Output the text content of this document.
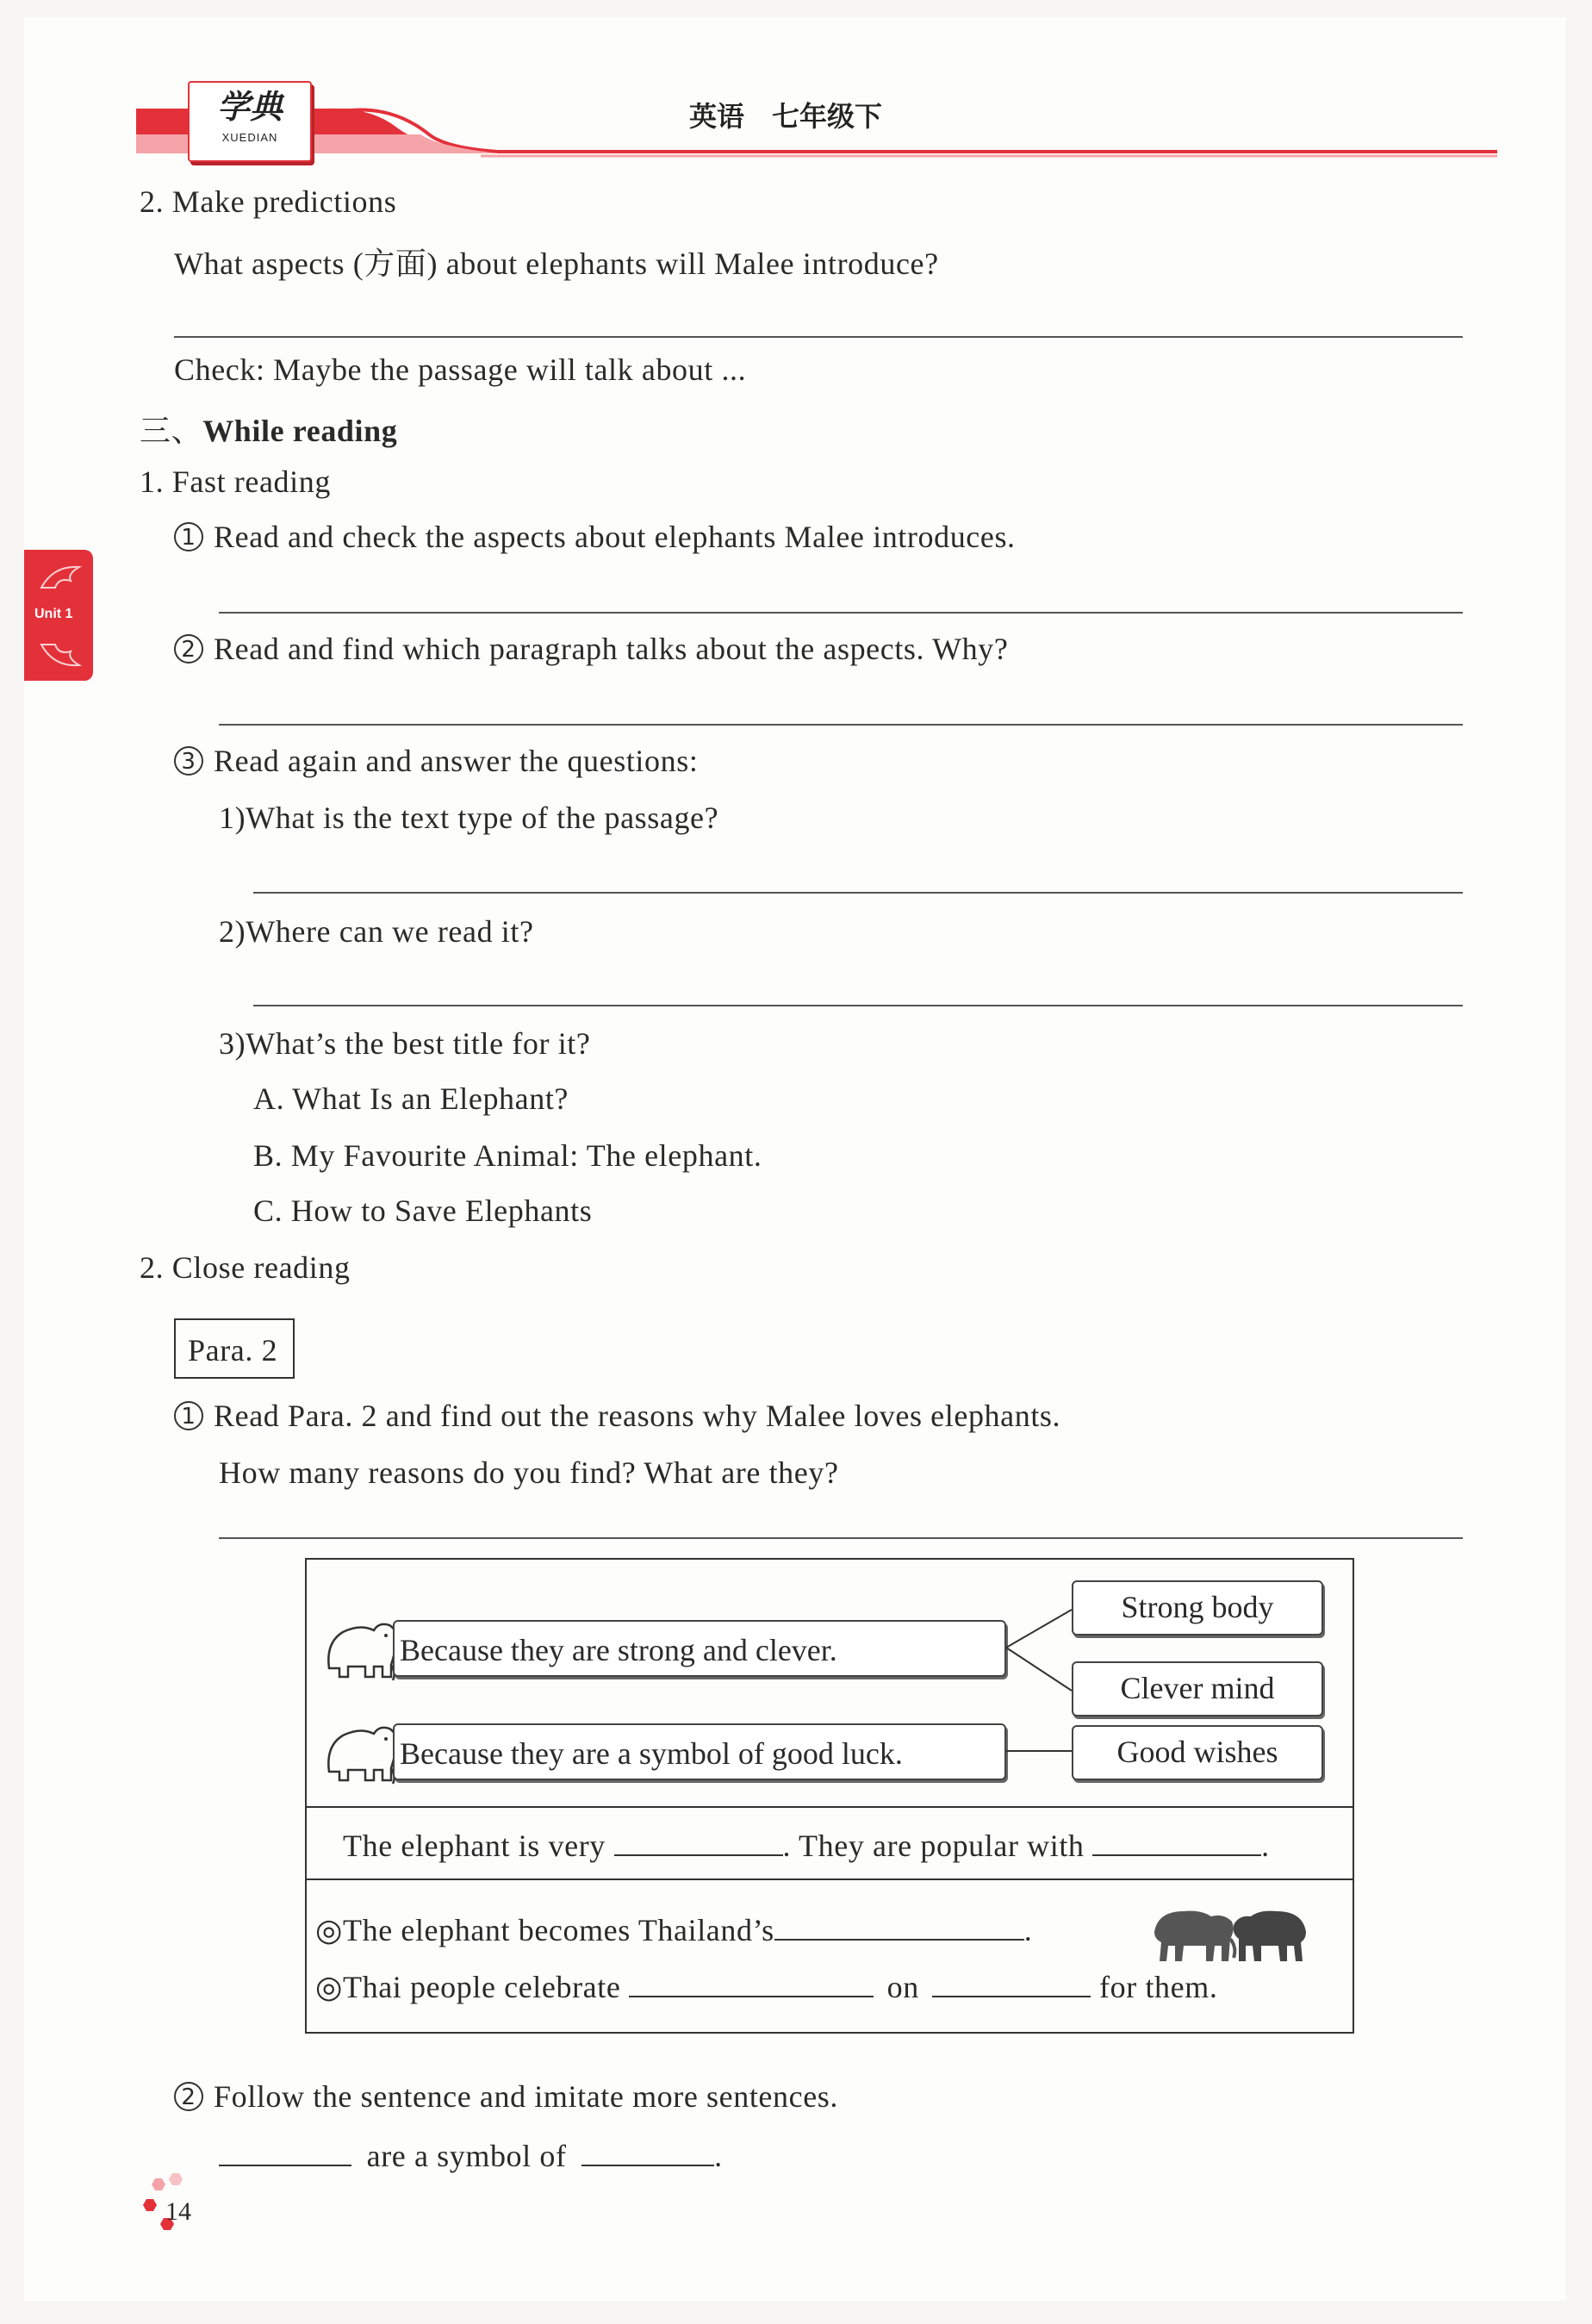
学典
XUEDIAN
英语　七年级下
Unit 1
2. Make predictions
What aspects (方面) about elephants will Malee introduce?
Check: Maybe the passage will talk about ...
三、While reading
1. Fast reading
1 Read and check the aspects about elephants Malee introduces.
2 Read and find which paragraph talks about the aspects. Why?
3 Read again and answer the questions:
1)What is the text type of the passage?
2)Where can we read it?
3)What’s the best title for it?
A. What Is an Elephant?
B. My Favourite Animal: The elephant.
C. How to Save Elephants
2. Close reading
Para. 2
1 Read Para. 2 and find out the reasons why Malee loves elephants.
How many reasons do you find? What are they?
Because they are strong and clever.
Because they are a symbol of good luck.
Strong body
Clever mind
Good wishes
The elephant is very	. They are popular with	.
◎The elephant becomes Thailand’s	.
◎Thai people celebrate	on	for them.
2 Follow the sentence and imitate more sentences.
are a symbol of	.
14
